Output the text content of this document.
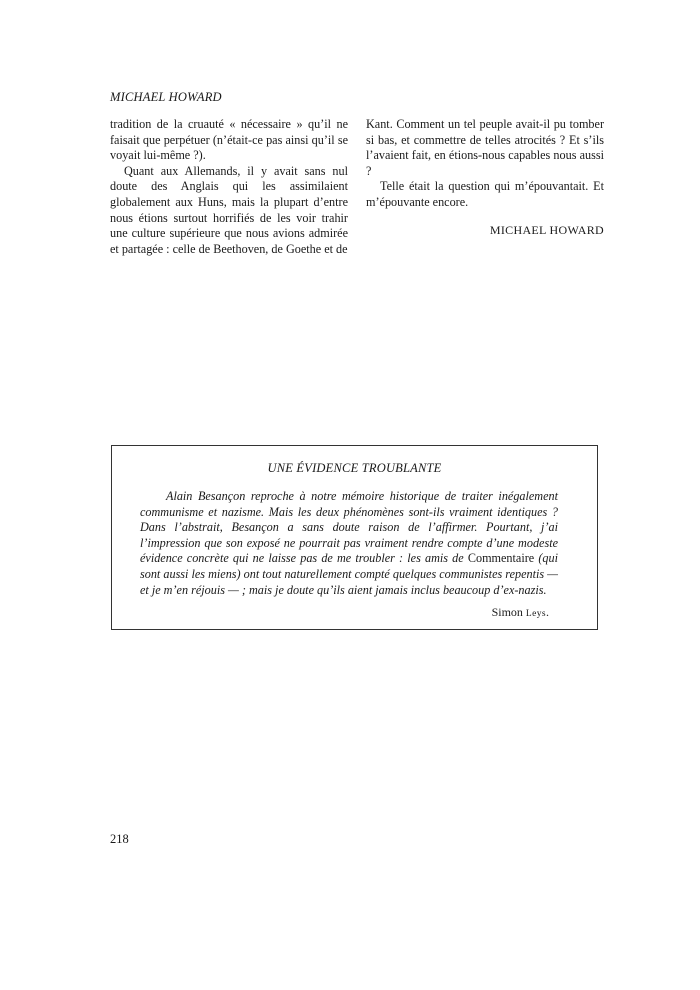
MICHAEL HOWARD

tradition de la cruauté « nécessaire » qu’il ne faisait que perpétuer (n’était-ce pas ainsi qu’il se voyait lui-même ?).

Quant aux Allemands, il y avait sans nul doute des Anglais qui les assimilaient globalement aux Huns, mais la plupart d’entre nous étions surtout horrifiés de les voir trahir une culture supérieure que nous avions admirée et partagée : celle de Beethoven, de Goethe et de

Kant. Comment un tel peuple avait-il pu tomber si bas, et commettre de telles atrocités ? Et s’ils l’avaient fait, en étions-nous capables nous aussi ?

Telle était la question qui m’épouvantait. Et m’épouvante encore.

MICHAEL HOWARD

UNE ÉVIDENCE TROUBLANTE

Alain Besançon reproche à notre mémoire historique de traiter inégalement communisme et nazisme. Mais les deux phénomènes sont-ils vraiment identiques ? Dans l’abstrait, Besançon a sans doute raison de l’affirmer. Pourtant, j’ai l’impression que son exposé ne pourrait pas vraiment rendre compte d’une modeste évidence concrète qui ne laisse pas de me troubler : les amis de Commentaire (qui sont aussi les miens) ont tout naturellement compté quelques communistes repentis — et je m’en réjouis — ; mais je doute qu’ils aient jamais inclus beaucoup d’ex-nazis.

Simon Leys.
218
